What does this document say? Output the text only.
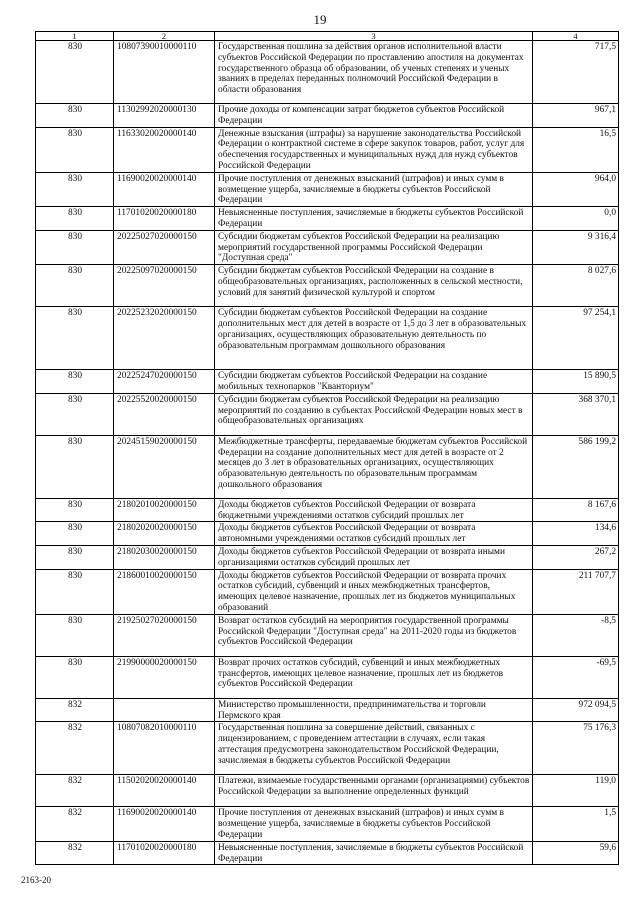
19
1	2	3	4
830	10807390010000110	Государственная пошлина за действия органов исполнительной власти субъектов Российской Федерации по проставлению апостиля на документах государственного образца об образовании, об ученых степенях и ученых званиях в пределах переданных полномочий Российской Федерации в области образования	717,5
830	11302992020000130	Прочие доходы от компенсации затрат бюджетов субъектов Российской Федерации	967,1
830	11633020020000140	Денежные взыскания (штрафы) за нарушение законодательства Российской Федерации о контрактной системе в сфере закупок товаров, работ, услуг для обеспечения государственных и муниципальных нужд для нужд субъектов Российской Федерации	16,5
830	11690020020000140	Прочие поступления от денежных взысканий (штрафов) и иных сумм в возмещение ущерба, зачисляемые в бюджеты субъектов Российской Федерации	964,0
830	11701020020000180	Невыясненные поступления, зачисляемые в бюджеты субъектов Российской Федерации	0,0
830	20225027020000150	Субсидии бюджетам субъектов Российской Федерации на реализацию мероприятий государственной программы Российской Федерации "Доступная среда"	9 316,4
830	20225097020000150	Субсидии бюджетам субъектов Российской Федерации на создание в общеобразовательных организациях, расположенных в сельской местности, условий для занятий физической культурой и спортом	8 027,6
830	20225232020000150	Субсидии бюджетам субъектов Российской Федерации на создание дополнительных мест для детей в возрасте от 1,5 до 3 лет в образовательных организациях, осуществляющих образовательную деятельность по образовательным программам дошкольного образования	97 254,1
830	20225247020000150	Субсидии бюджетам субъектов Российской Федерации на создание мобильных технопарков "Кванториум"	15 890,5
830	20225520020000150	Субсидии бюджетам субъектов Российской Федерации на реализацию мероприятий по созданию в субъектах Российской Федерации новых мест в общеобразовательных организациях	368 370,1
830	20245159020000150	Межбюджетные трансферты, передаваемые бюджетам субъектов Российской Федерации на создание дополнительных мест для детей в возрасте от 2 месяцев до 3 лет в образовательных организациях, осуществляющих образовательную деятельность по образовательным программам дошкольного образования	586 199,2
830	21802010020000150	Доходы бюджетов субъектов Российской Федерации от возврата бюджетными учреждениями остатков субсидий прошлых лет	8 167,6
830	21802020020000150	Доходы бюджетов субъектов Российской Федерации от возврата автономными учреждениями остатков субсидий прошлых лет	134,6
830	21802030020000150	Доходы бюджетов субъектов Российской Федерации от возврата иными организациями остатков субсидий прошлых лет	267,2
830	21860010020000150	Доходы бюджетов субъектов Российской Федерации от возврата прочих остатков субсидий, субвенций и иных межбюджетных трансфертов, имеющих целевое назначение, прошлых лет из бюджетов муниципальных образований	211 707,7
830	21925027020000150	Возврат остатков субсидий на мероприятия государственной программы Российской Федерации "Доступная среда" на 2011-2020 годы из бюджетов субъектов Российской Федерации	-8,5
830	21990000020000150	Возврат прочих остатков субсидий, субвенций и иных межбюджетных трансфертов, имеющих целевое назначение, прошлых лет из бюджетов субъектов Российской Федерации	-69,5
832		Министерство промышленности, предпринимательства и торговли Пермского края	972 094,5
832	10807082010000110	Государственная пошлина за совершение действий, связанных с лицензированием, с проведением аттестации в случаях, если такая аттестация предусмотрена законодательством Российской Федерации, зачисляемая в бюджеты субъектов Российской Федерации	75 176,3
832	11502020020000140	Платежи, взимаемые государственными органами (организациями) субъектов Российской Федерации за выполнение определенных функций	119,0
832	11690020020000140	Прочие поступления от денежных взысканий (штрафов) и иных сумм в возмещение ущерба, зачисляемые в бюджеты субъектов Российской Федерации	1,5
832	11701020020000180	Невыясненные поступления, зачисляемые в бюджеты субъектов Российской Федерации	59,6
2163-20
